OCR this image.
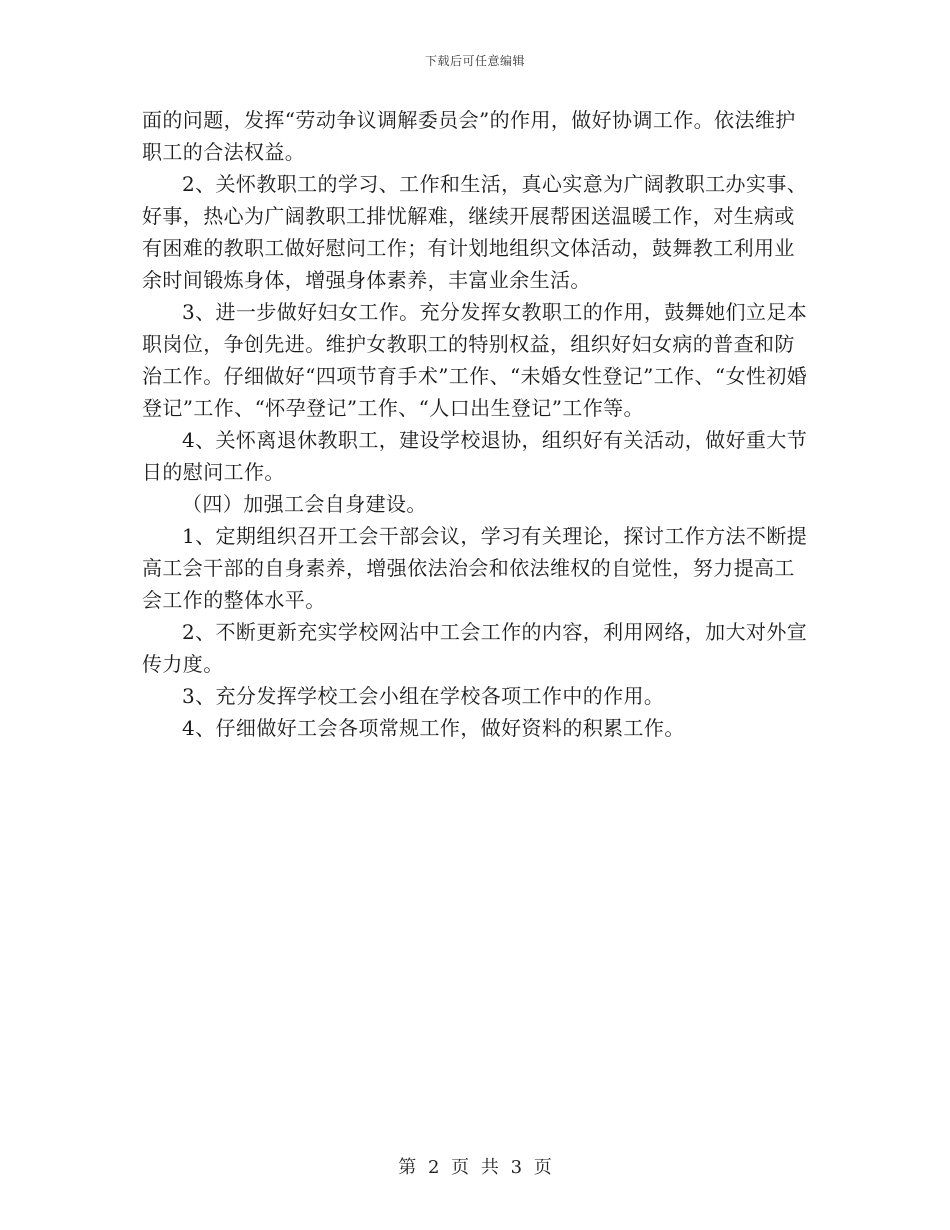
下载后可任意编辑

面的问题，发挥“劳动争议调解委员会”的作用，做好协调工作。依法维护职工的合法权益。

2、关怀教职工的学习、工作和生活，真心实意为广阔教职工办实事、好事，热心为广阔教职工排忧解难，继续开展帮困送温暖工作，对生病或有困难的教职工做好慰问工作；有计划地组织文体活动，鼓舞教工利用业余时间锻炼身体，增强身体素养，丰富业余生活。

3、进一步做好妇女工作。充分发挥女教职工的作用，鼓舞她们立足本职岗位，争创先进。维护女教职工的特别权益，组织好妇女病的普查和防治工作。仔细做好“四项节育手术”工作、“未婚女性登记”工作、“女性初婚登记”工作、“怀孕登记”工作、“人口出生登记”工作等。

4、关怀离退休教职工，建设学校退协，组织好有关活动，做好重大节日的慰问工作。

（四）加强工会自身建设。

1、定期组织召开工会干部会议，学习有关理论，探讨工作方法不断提高工会干部的自身素养，增强依法治会和依法维权的自觉性，努力提高工会工作的整体水平。

2、不断更新充实学校网沾中工会工作的内容，利用网络，加大对外宣传力度。

3、充分发挥学校工会小组在学校各项工作中的作用。

4、仔细做好工会各项常规工作，做好资料的积累工作。

第 2 页 共 3 页
